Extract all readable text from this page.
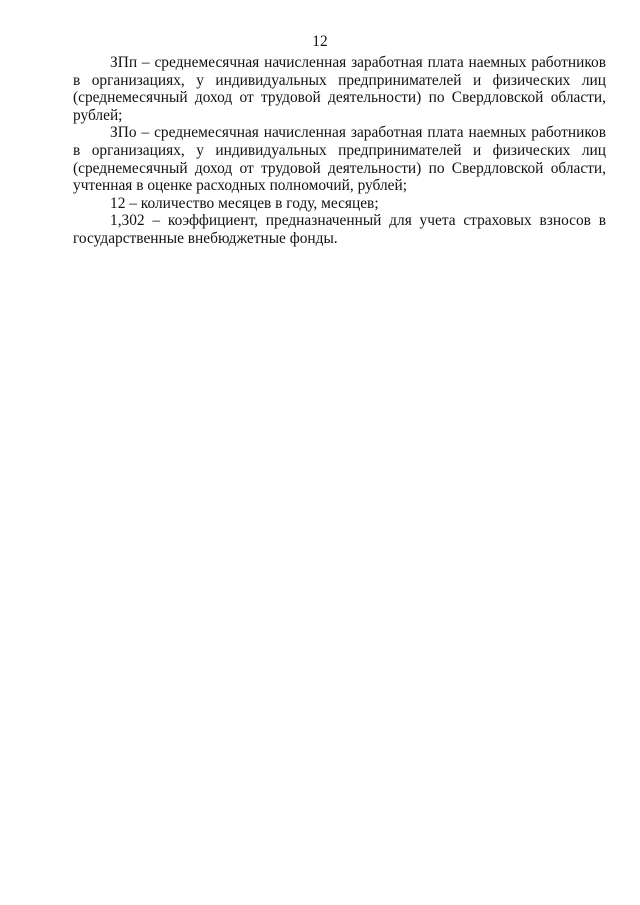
12

ЗПп – среднемесячная начисленная заработная плата наемных работников в организациях, у индивидуальных предпринимателей и физических лиц (среднемесячный доход от трудовой деятельности) по Свердловской области, рублей;

ЗПо – среднемесячная начисленная заработная плата наемных работников в организациях, у индивидуальных предпринимателей и физических лиц (среднемесячный доход от трудовой деятельности) по Свердловской области, учтенная в оценке расходных полномочий, рублей;

12 – количество месяцев в году, месяцев;

1,302 – коэффициент, предназначенный для учета страховых взносов в государственные внебюджетные фонды.
